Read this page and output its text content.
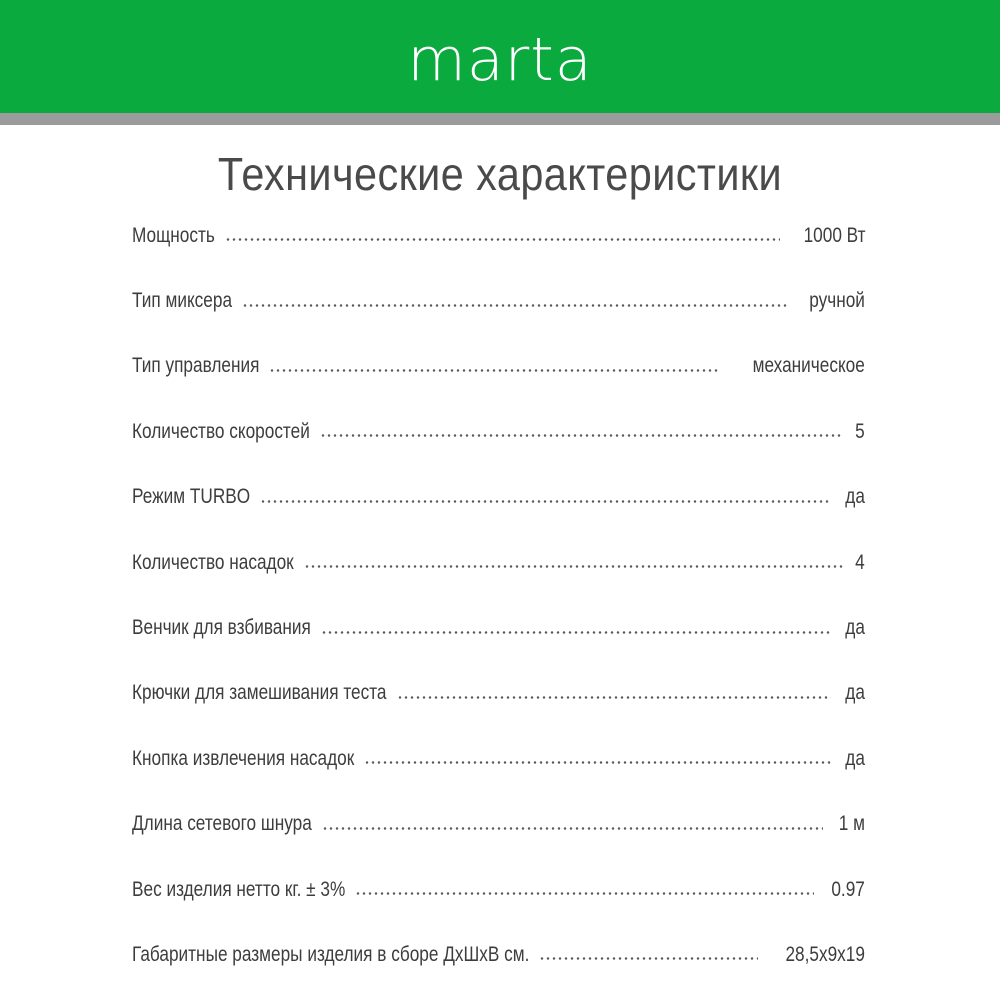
marta
Технические характеристики
Мощность	1000 Вт
Тип миксера	ручной
Тип управления	механическое
Количество скоростей	5
Режим TURBO	да
Количество насадок	4
Венчик для взбивания	да
Крючки для замешивания теста	да
Кнопка извлечения насадок	да
Длина сетевого шнура	1 м
Вес изделия нетто кг. ± 3%	0.97
Габаритные размеры изделия в сборе ДхШхВ см.	28,5х9х19
